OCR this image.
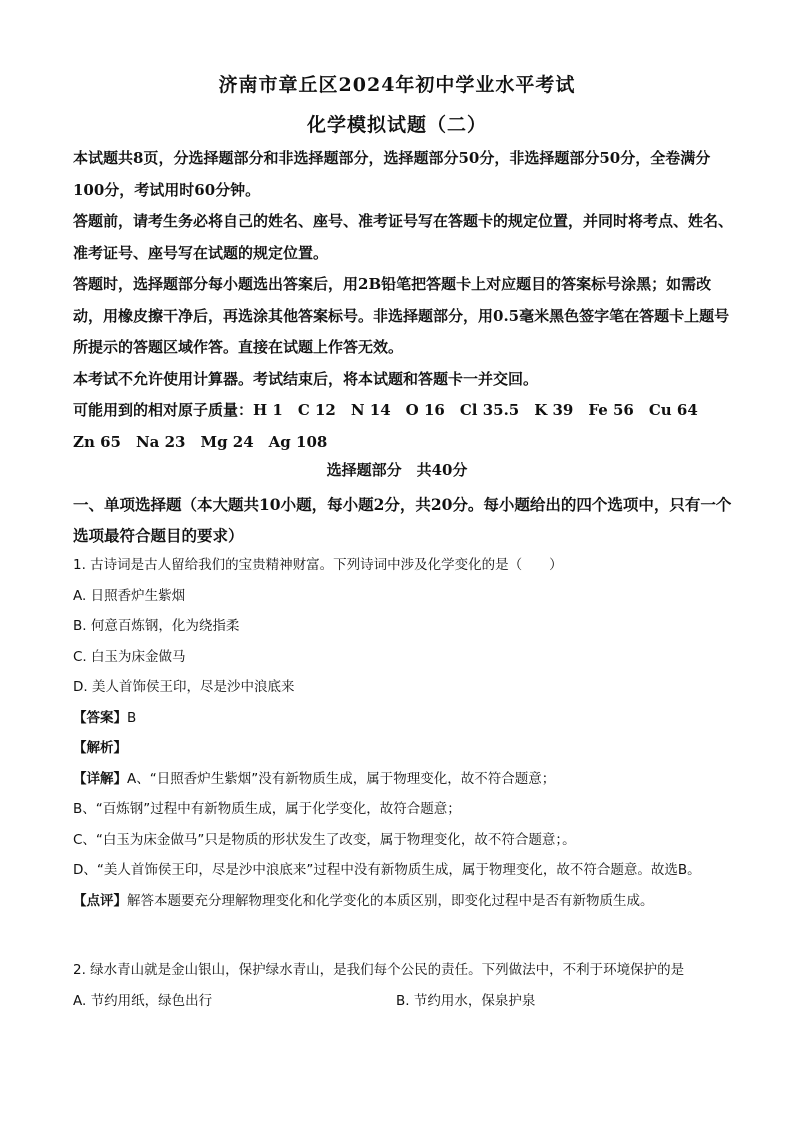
济南市章丘区2024年初中学业水平考试
化学模拟试题（二）

本试题共8页，分选择题部分和非选择题部分，选择题部分50分，非选择题部分50分，全卷满分100分，考试用时60分钟。

答题前，请考生务必将自己的姓名、座号、准考证号写在答题卡的规定位置，并同时将考点、姓名、准考证号、座号写在试题的规定位置。

答题时，选择题部分每小题选出答案后，用2B铅笔把答题卡上对应题目的答案标号涂黑；如需改动，用橡皮擦干净后，再选涂其他答案标号。非选择题部分，用0.5毫米黑色签字笔在答题卡上题号所提示的答题区域作答。直接在试题上作答无效。

本考试不允许使用计算器。考试结束后，将本试题和答题卡一并交回。

可能用到的相对原子质量：H 1　C 12　N 14　O 16　Cl 35.5　K 39　Fe 56　Cu 64　Zn 65　Na 23　Mg 24　Ag 108

选择题部分　共40分
一、单项选择题（本大题共10小题，每小题2分，共20分。每小题给出的四个选项中，只有一个选项最符合题目的要求）

1. 古诗词是古人留给我们的宝贵精神财富。下列诗词中涉及化学变化的是（　　）

A. 日照香炉生紫烟

B. 何意百炼钢，化为绕指柔

C. 白玉为床金做马

D. 美人首饰侯王印，尽是沙中浪底来

【答案】B

【解析】

【详解】A、“日照香炉生紫烟”没有新物质生成，属于物理变化，故不符合题意；

B、“百炼钢”过程中有新物质生成，属于化学变化，故符合题意；

C、“白玉为床金做马”只是物质的形状发生了改变，属于物理变化，故不符合题意；。

D、“美人首饰侯王印，尽是沙中浪底来”过程中没有新物质生成，属于物理变化，故不符合题意。故选B。

【点评】解答本题要充分理解物理变化和化学变化的本质区别，即变化过程中是否有新物质生成。

2. 绿水青山就是金山银山，保护绿水青山，是我们每个公民的责任。下列做法中，不利于环境保护的是

A. 节约用纸，绿色出行	B. 节约用水，保泉护泉
